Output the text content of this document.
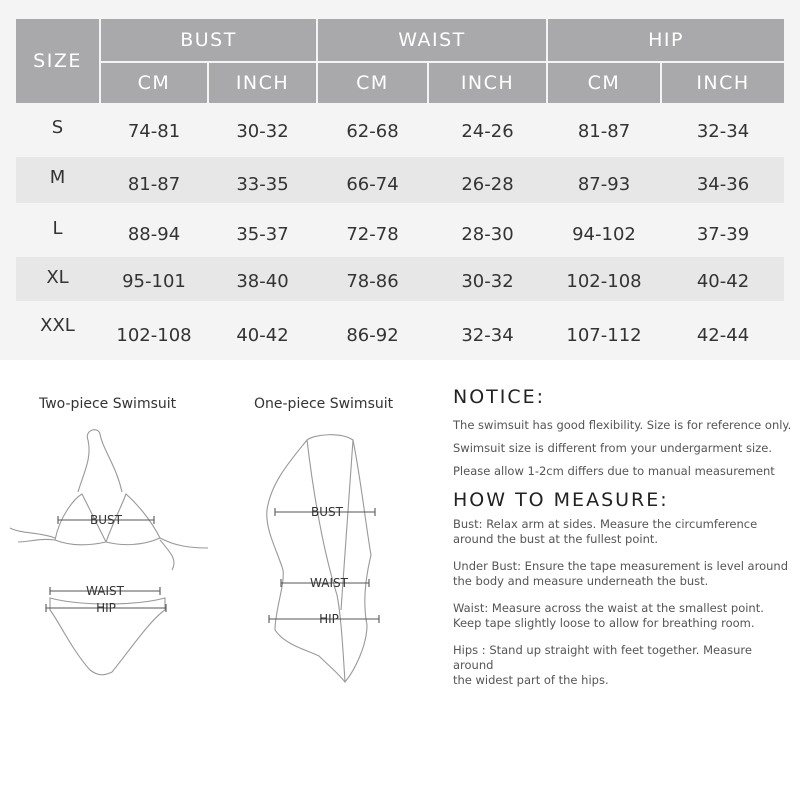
SIZE
BUST	WAIST	HIP
CM	INCH	CM	INCH	CM	INCH
S	74-81	30-32	62-68	24-26	81-87	32-34
M	81-87	33-35	66-74	26-28	87-93	34-36
L	88-94	35-37	72-78	28-30	94-102	37-39
XL	95-101	38-40	78-86	30-32	102-108	40-42
XXL	102-108	40-42	86-92	32-34	107-112	42-44
Two-piece Swimsuit	One-piece Swimsuit
BUST
WAIST
HIP
BUST
WAIST
HIP

NOTICE:

The swimsuit has good flexibility. Size is for reference only.

Swimsuit size is different from your undergarment size.

Please allow 1-2cm differs due to manual measurement

HOW TO MEASURE:

Bust: Relax arm at sides. Measure the circumference

around the bust at the fullest point.

Under Bust: Ensure the tape measurement is level around

the body and measure underneath the bust.

Waist: Measure across the waist at the smallest point.

Keep tape slightly loose to allow for breathing room.

Hips : Stand up straight with feet together. Measure around

the widest part of the hips.
